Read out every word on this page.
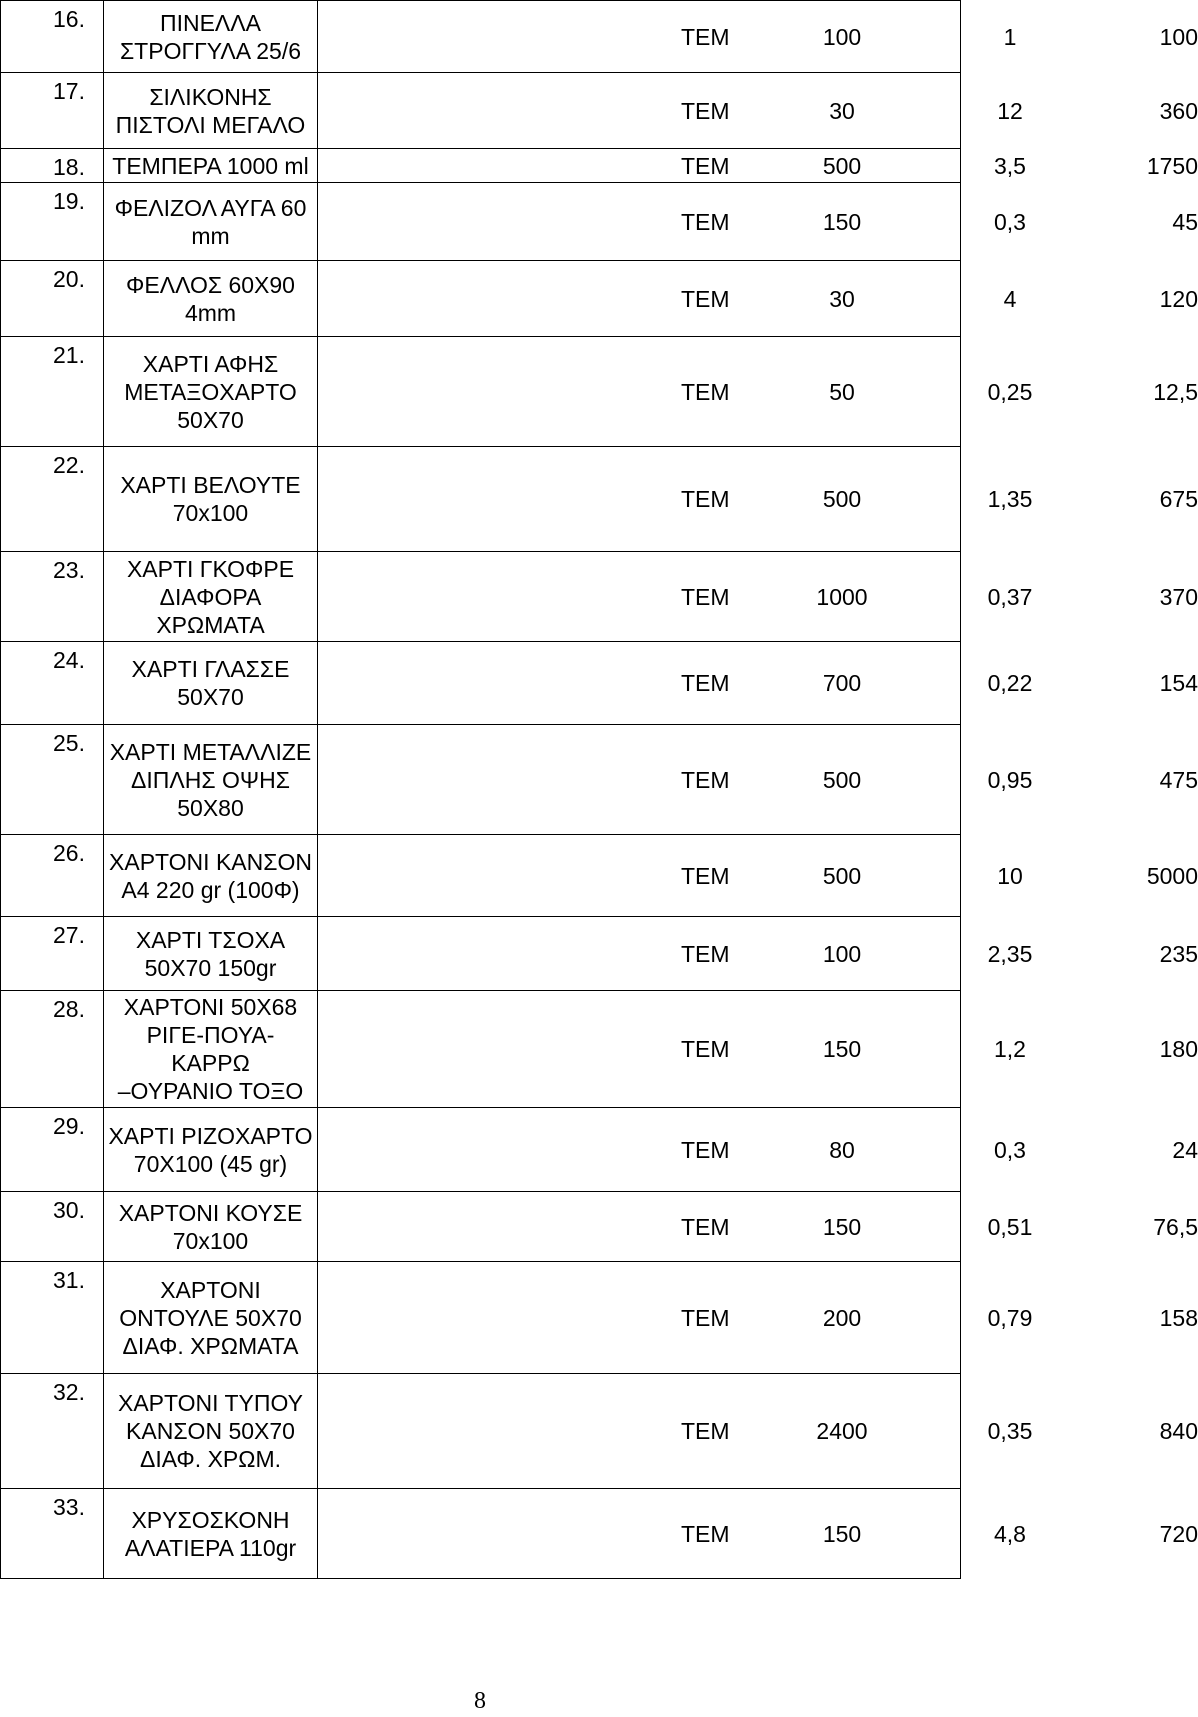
16.	ΠΙΝΕΛΛΑ
ΣΤΡΟΓΓΥΛΑ 25/6	ΤΕΜ 100 1 100

17.	ΣΙΛΙΚΟΝΗΣ
ΠΙΣΤΟΛΙ ΜΕΓΑΛΟ	ΤΕΜ 30 12 360

18.	ΤΕΜΠΕΡΑ 1000 ml	ΤΕΜ 500 3,5 1750

19.	ΦΕΛΙΖΟΛ ΑΥΓΑ 60
mm	ΤΕΜ 150 0,3 45

20.	ΦΕΛΛΟΣ 60Χ90
4mm	ΤΕΜ 30 4 120

21.	ΧΑΡΤΙ ΑΦΗΣ
ΜΕΤΑΞΟΧΑΡΤΟ
50Χ70	ΤΕΜ 50 0,25 12,5

22.	ΧΑΡΤΙ ΒΕΛΟΥΤΕ
70x100	ΤΕΜ 500 1,35 675

23.	ΧΑΡΤΙ ΓΚΟΦΡΕ
ΔΙΑΦΟΡΑ
ΧΡΩΜΑΤΑ	ΤΕΜ 1000 0,37 370

24.	ΧΑΡΤΙ ΓΛΑΣΣΕ
50Χ70	ΤΕΜ 700 0,22 154

25.	ΧΑΡΤΙ ΜΕΤΑΛΛΙΖΕ
ΔΙΠΛΗΣ ΟΨΗΣ
50Χ80	ΤΕΜ 500 0,95 475

26.	ΧΑΡΤΟΝΙ ΚΑΝΣΟΝ
Α4 220 gr (100Φ)	ΤΕΜ 500 10 5000

27.	ΧΑΡΤΙ ΤΣΟΧΑ
50Χ70 150gr	ΤΕΜ 100 2,35 235

28.	ΧΑΡΤΟΝΙ 50Χ68
ΡΙΓΕ-ΠΟΥΑ-ΚΑΡΡΩ
–ΟΥΡΑΝΙΟ ΤΟΞΟ	ΤΕΜ 150 1,2 180

29.	ΧΑΡΤΙ ΡΙΖΟΧΑΡΤΟ
70Χ100 (45 gr)	ΤΕΜ 80 0,3 24

30.	ΧΑΡΤΟΝΙ ΚΟΥΣΕ
70x100	ΤΕΜ 150 0,51 76,5

31.	ΧΑΡΤΟΝΙ
ΟΝΤΟΥΛΕ 50Χ70
ΔΙΑΦ. ΧΡΩΜΑΤΑ	ΤΕΜ 200 0,79 158

32.	ΧΑΡΤΟΝΙ ΤΥΠΟΥ
ΚΑΝΣΟΝ 50Χ70
ΔΙΑΦ. ΧΡΩΜ.	ΤΕΜ 2400 0,35 840

33.	ΧΡΥΣΟΣΚΟΝΗ
ΑΛΑΤΙΕΡΑ 110gr	ΤΕΜ 150 4,8 720
8
